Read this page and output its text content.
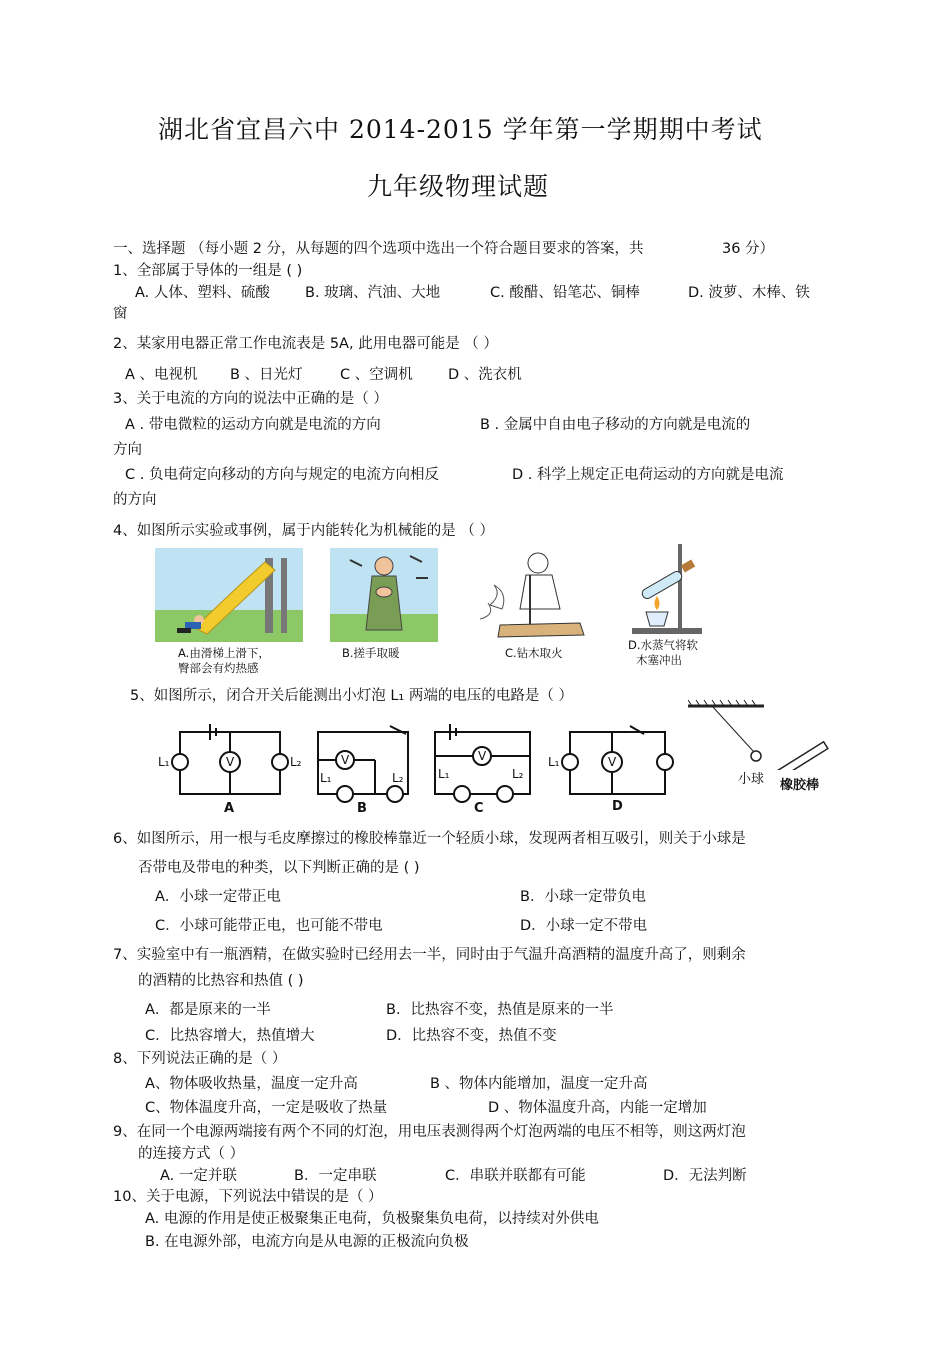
湖北省宜昌六中 2014-2015 学年第一学期期中考试
九年级物理试题
一、选择题 （每小题 2 分，从每题的四个选项中选出一个符合题目要求的答案，共	36 分）
1、全部属于导体的一组是 ( )
A. 人体、塑料、硫酸 B. 玻璃、汽油、大地	C. 酸醋、铅笔芯、铜棒	D. 波萝、木棒、铁
窗
2、某家用电器正常工作电流表是 5A, 此用电器可能是 （ ）
A 、电视机 B 、日光灯	C 、空调机 D 、洗衣机
3、关于电流的方向的说法中正确的是（ ）
A . 带电微粒的运动方向就是电流的方向	B . 金属中自由电子移动的方向就是电流的
方向
C . 负电荷定向移动的方向与规定的电流方向相反	D . 科学上规定正电荷运动的方向就是电流
的方向
4、如图所示实验或事例，属于内能转化为机械能的是 （ ）
A.由滑梯上滑下，
臀部会有灼热感
B.搓手取暖	C.钻木取火
D.水蒸气将软
木塞冲出
5、如图所示，闭合开关后能测出小灯泡 L₁ 两端的电压的电路是（ ）
V	V	V	V
L₁	L₂
L₁	L₂	L₁	L₂
L₁
A	B	C	D
小球 橡胶棒
6、如图所示，用一根与毛皮摩擦过的橡胶棒靠近一个轻质小球，发现两者相互吸引，则关于小球是
否带电及带电的种类，以下判断正确的是 ( )
A．小球一定带正电	B．小球一定带负电
C．小球可能带正电，也可能不带电	D．小球一定不带电
7、实验室中有一瓶酒精，在做实验时已经用去一半，同时由于气温升高酒精的温度升高了，则剩余
的酒精的比热容和热值 ( )
A．都是原来的一半	B．比热容不变，热值是原来的一半
C．比热容增大，热值增大	D．比热容不变，热值不变
8、下列说法正确的是（ ）
A、物体吸收热量，温度一定升高	B 、物体内能增加，温度一定升高
C、物体温度升高，一定是吸收了热量	D 、物体温度升高，内能一定增加
9、在同一个电源两端接有两个不同的灯泡，用电压表测得两个灯泡两端的电压不相等，则这两灯泡
的连接方式（ ）
A. 一定并联	B．一定串联	C．串联并联都有可能	D．无法判断
10、关于电源，下列说法中错误的是（ ）
A. 电源的作用是使正极聚集正电荷，负极聚集负电荷，以持续对外供电
B. 在电源外部，电流方向是从电源的正极流向负极
